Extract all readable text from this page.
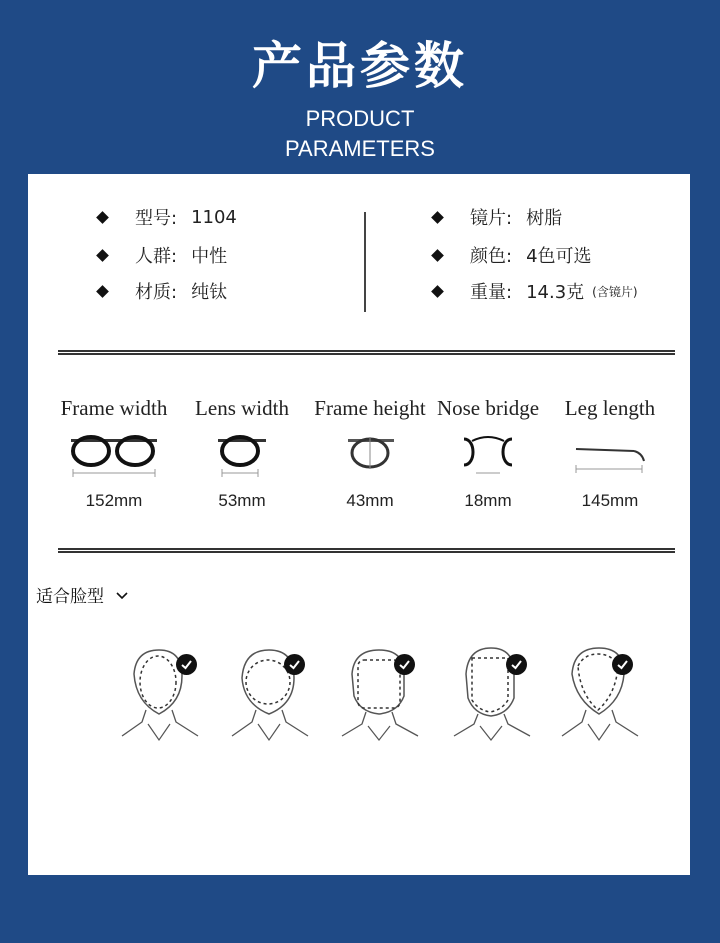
产品参数
PRODUCT
PARAMETERS
型号: 1104
人群: 中性
材质: 纯钛
镜片: 树脂
颜色: 4色可选
重量: 14.3克 (含镜片)
Frame width
152mm
Lens width
53mm
Frame height
43mm
Nose bridge
18mm
Leg length
145mm
适合脸型
